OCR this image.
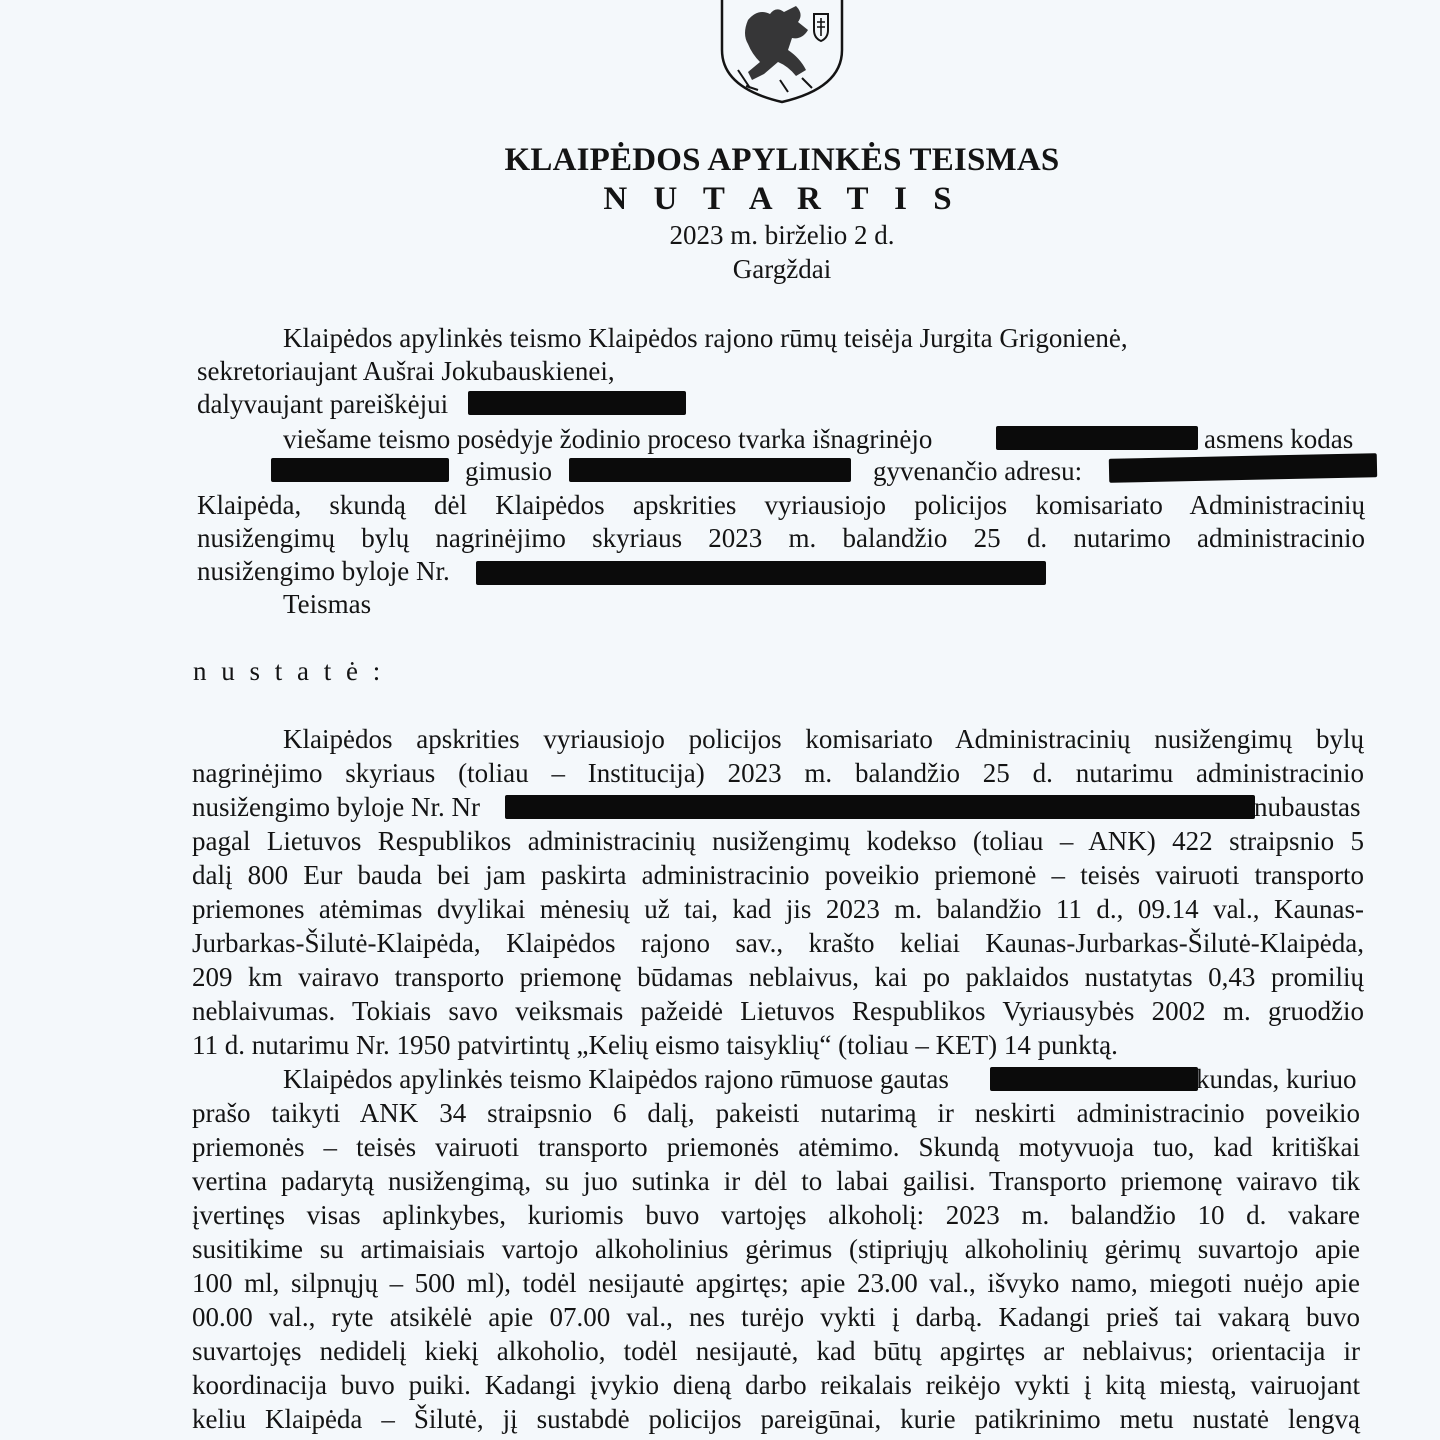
KLAIPĖDOS APYLINKĖS TEISMAS
N U T A R T I S
2023 m. birželio 2 d.
Gargždai
Klaipėdos apylinkės teismo Klaipėdos rajono rūmų teisėja Jurgita Grigonienė,
sekretoriaujant Aušrai Jokubauskienei,
dalyvaujant pareiškėjui
viešame teismo posėdyje žodinio proceso tvarka išnagrinėjo	asmens kodas
gimusio	gyvenančio adresu:
Klaipėda, skundą dėl Klaipėdos apskrities vyriausiojo policijos komisariato Administracinių
nusižengimų bylų nagrinėjimo skyriaus 2023 m. balandžio 25 d. nutarimo administracinio
nusižengimo byloje Nr.
Teismas
n u s t a t ė :
Klaipėdos apskrities vyriausiojo policijos komisariato Administracinių nusižengimų bylų
nagrinėjimo skyriaus (toliau – Institucija) 2023 m. balandžio 25 d. nutarimu administracinio
nusižengimo byloje Nr. Nr	nubaustas
pagal Lietuvos Respublikos administracinių nusižengimų kodekso (toliau – ANK) 422 straipsnio 5
dalį 800 Eur bauda bei jam paskirta administracinio poveikio priemonė – teisės vairuoti transporto
priemones atėmimas dvylikai mėnesių už tai, kad jis 2023 m. balandžio 11 d., 09.14 val., Kaunas-
Jurbarkas-Šilutė-Klaipėda, Klaipėdos rajono sav., krašto keliai Kaunas-Jurbarkas-Šilutė-Klaipėda,
209 km vairavo transporto priemonę būdamas neblaivus, kai po paklaidos nustatytas 0,43 promilių
neblaivumas. Tokiais savo veiksmais pažeidė Lietuvos Respublikos Vyriausybės 2002 m. gruodžio
11 d. nutarimu Nr. 1950 patvirtintų „Kelių eismo taisyklių“ (toliau – KET) 14 punktą.
Klaipėdos apylinkės teismo Klaipėdos rajono rūmuose gautas	kundas, kuriuo
prašo taikyti ANK 34 straipsnio 6 dalį, pakeisti nutarimą ir neskirti administracinio poveikio
priemonės – teisės vairuoti transporto priemonės atėmimo. Skundą motyvuoja tuo, kad kritiškai
vertina padarytą nusižengimą, su juo sutinka ir dėl to labai gailisi. Transporto priemonę vairavo tik
įvertinęs visas aplinkybes, kuriomis buvo vartojęs alkoholį: 2023 m. balandžio 10 d. vakare
susitikime su artimaisiais vartojo alkoholinius gėrimus (stipriųjų alkoholinių gėrimų suvartojo apie
100 ml, silpnųjų – 500 ml), todėl nesijautė apgirtęs; apie 23.00 val., išvyko namo, miegoti nuėjo apie
00.00 val., ryte atsikėlė apie 07.00 val., nes turėjo vykti į darbą. Kadangi prieš tai vakarą buvo
suvartojęs nedidelį kiekį alkoholio, todėl nesijautė, kad būtų apgirtęs ar neblaivus; orientacija ir
koordinacija buvo puiki. Kadangi įvykio dieną darbo reikalais reikėjo vykti į kitą miestą, vairuojant
keliu Klaipėda – Šilutė, jį sustabdė policijos pareigūnai, kurie patikrinimo metu nustatė lengvą
